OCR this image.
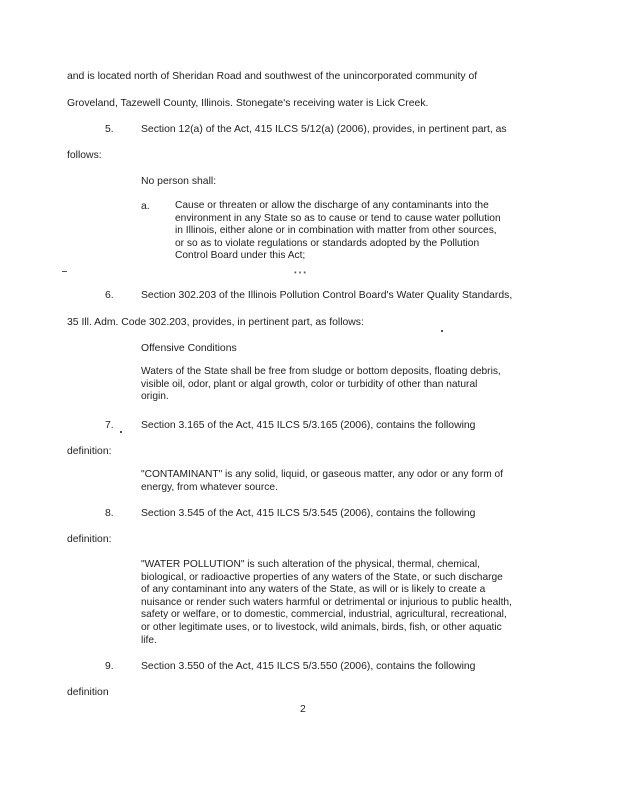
and is located north of Sheridan Road and southwest of the unincorporated community of
Groveland, Tazewell County, Illinois. Stonegate's receiving water is Lick Creek.
5.	Section 12(a) of the Act, 415 ILCS 5/12(a) (2006), provides, in pertinent part, as
follows:
No person shall:
a. Cause or threaten or allow the discharge of any contaminants into the
environment in any State so as to cause or tend to cause water pollution
in Illinois, either alone or in combination with matter from other sources,
or so as to violate regulations or standards adopted by the Pollution
Control Board under this Act;
* * *
6.	Section 302.203 of the Illinois Pollution Control Board's Water Quality Standards,
35 Ill. Adm. Code 302.203, provides, in pertinent part, as follows:
Offensive Conditions
Waters of the State shall be free from sludge or bottom deposits, floating debris,
visible oil, odor, plant or algal growth, color or turbidity of other than natural
origin.
7.	Section 3.165 of the Act, 415 ILCS 5/3.165 (2006), contains the following
definition:
"CONTAMINANT" is any solid, liquid, or gaseous matter, any odor or any form of
energy, from whatever source.
8.	Section 3.545 of the Act, 415 ILCS 5/3.545 (2006), contains the following
definition:
"WATER POLLUTION" is such alteration of the physical, thermal, chemical,
biological, or radioactive properties of any waters of the State, or such discharge
of any contaminant into any waters of the State, as will or is likely to create a
nuisance or render such waters harmful or detrimental or injurious to public health,
safety or welfare, or to domestic, commercial, industrial, agricultural, recreational,
or other legitimate uses, or to livestock, wild animals, birds, fish, or other aquatic
life.
9.	Section 3.550 of the Act, 415 ILCS 5/3.550 (2006), contains the following
definition
2
